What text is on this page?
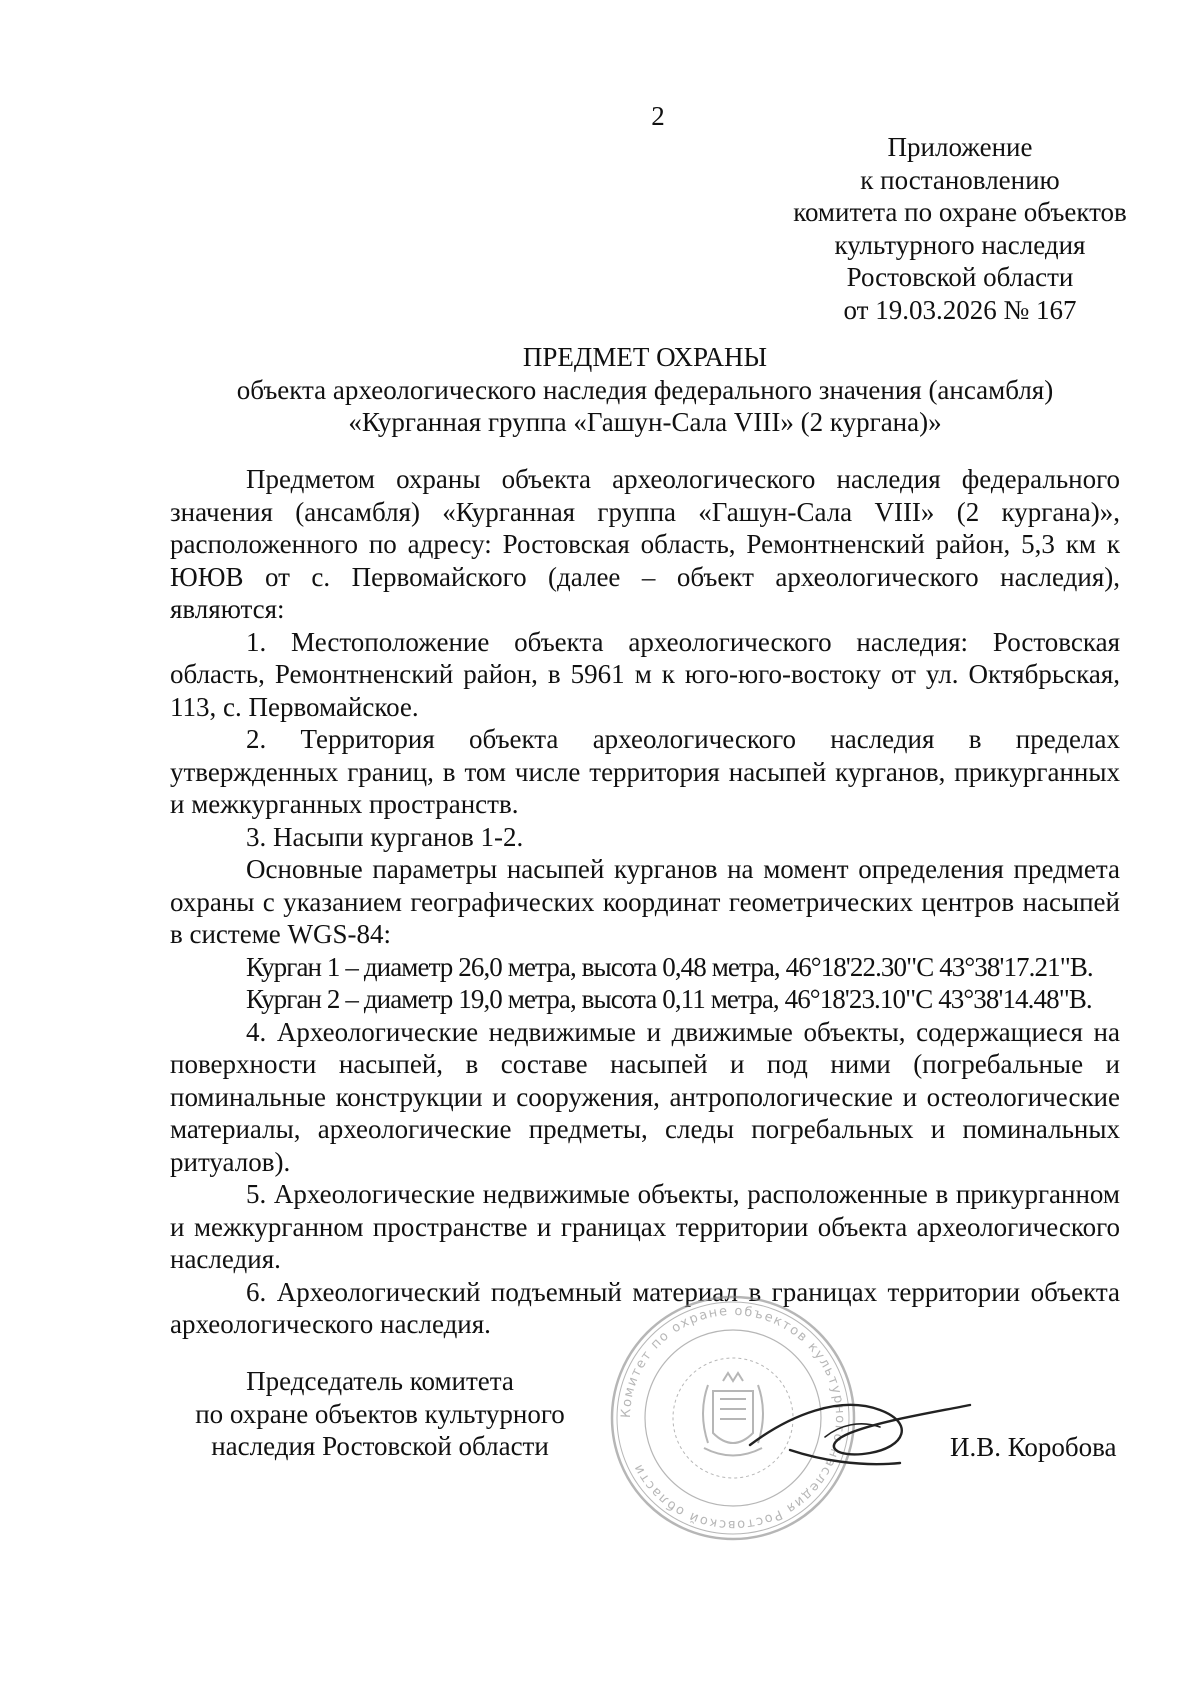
2
Приложение
к постановлению
комитета по охране объектов
культурного наследия
Ростовской области
от 19.03.2026 № 167
ПРЕДМЕТ ОХРАНЫ
объекта археологического наследия федерального значения (ансамбля)
«Курганная группа «Гашун-Сала VIII» (2 кургана)»

Предметом охраны объекта археологического наследия федерального значения (ансамбля) «Курганная группа «Гашун-Сала VIII» (2 кургана)», расположенного по адресу: Ростовская область, Ремонтненский район, 5,3 км к ЮЮВ от с. Первомайского (далее – объект археологического наследия), являются:

1. Местоположение объекта археологического наследия: Ростовская область, Ремонтненский район, в 5961 м к юго-юго-востоку от ул. Октябрьская, 113, с. Первомайское.

2. Территория объекта археологического наследия в пределах утвержденных границ, в том числе территория насыпей курганов, прикурганных и межкурганных пространств.

3. Насыпи курганов 1-2.

Основные параметры насыпей курганов на момент определения предмета охраны с указанием географических координат геометрических центров насыпей в системе WGS-84:

Курган 1 – диаметр 26,0 метра, высота 0,48 метра, 46°18'22.30"С 43°38'17.21"В.

Курган 2 – диаметр 19,0 метра, высота 0,11 метра, 46°18'23.10"С 43°38'14.48"В.

4. Археологические недвижимые и движимые объекты, содержащиеся на поверхности насыпей, в составе насыпей и под ними (погребальные и поминальные конструкции и сооружения, антропологические и остеологические материалы, археологические предметы, следы погребальных и поминальных ритуалов).

5. Археологические недвижимые объекты, расположенные в прикурганном и межкурганном пространстве и границах территории объекта археологического наследия.

6. Археологический подъемный материал в границах территории объекта археологического наследия.

Председатель комитета
по охране объектов культурного
наследия Ростовской области
Комитет по охране объектов культурного наследия Ростовской области
И.В. Коробова
